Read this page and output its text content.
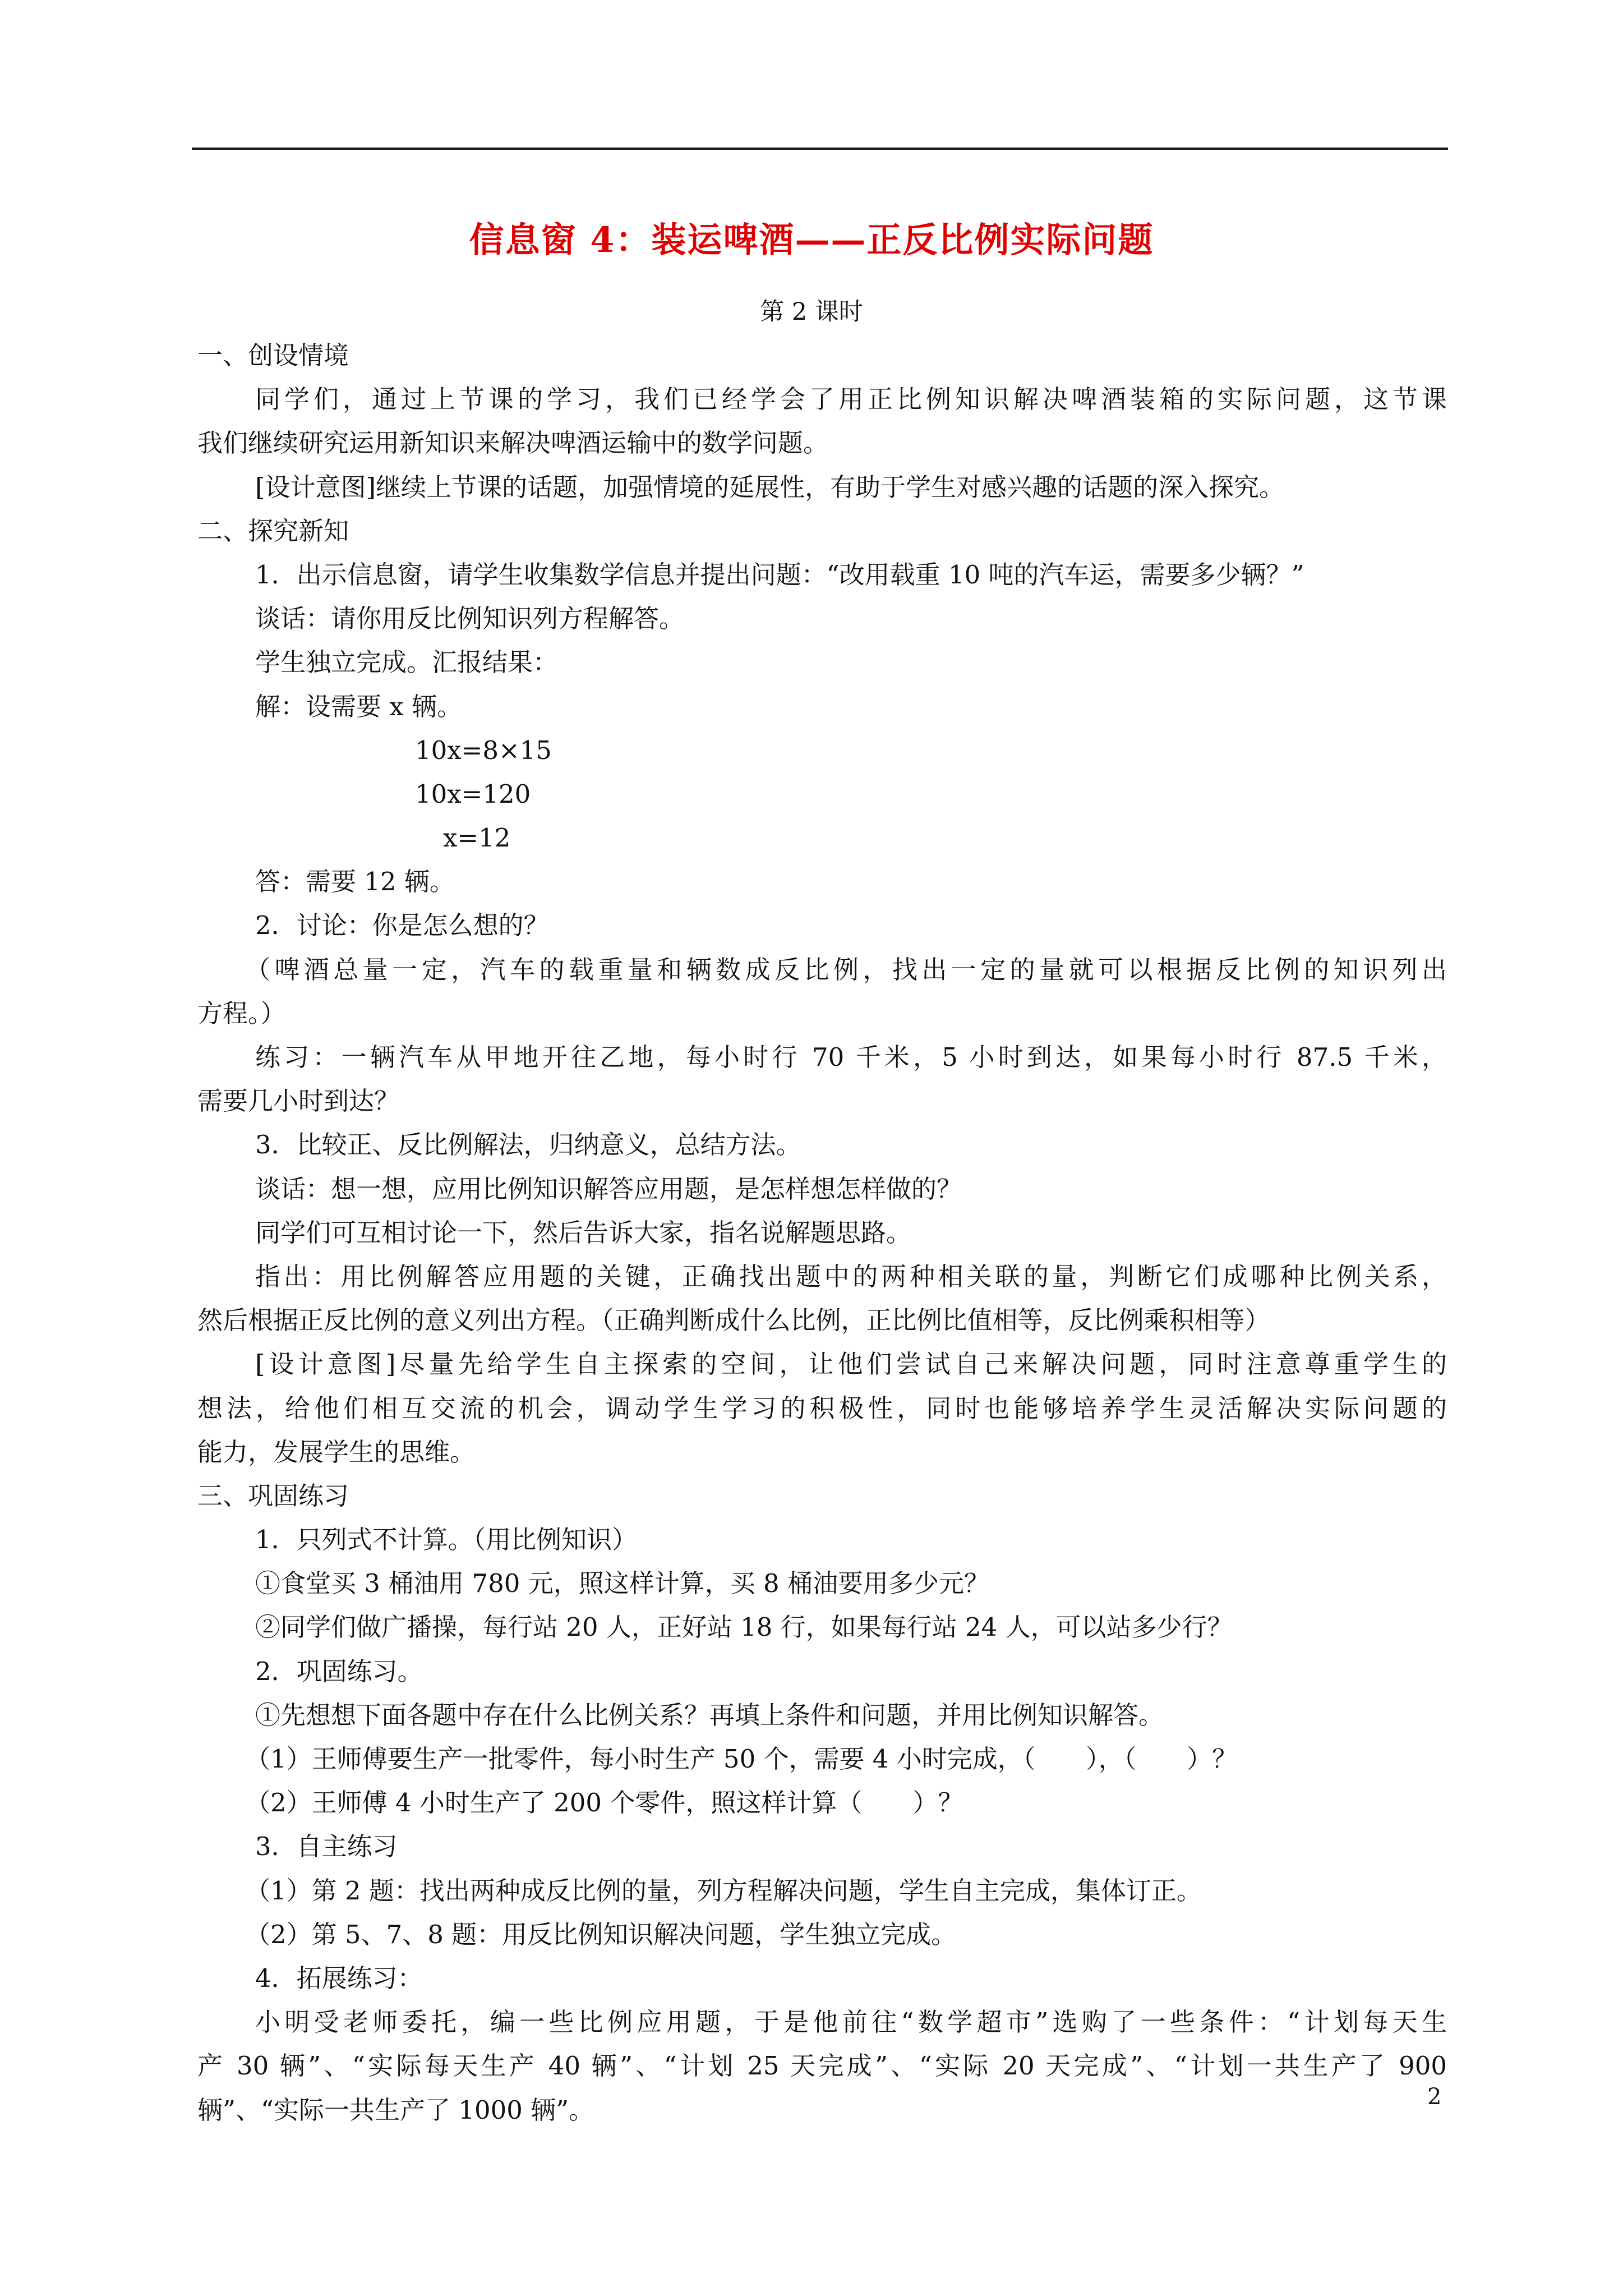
信息窗 4：装运啤酒——正反比例实际问题
第 2 课时
一、创设情境
同学们，通过上节课的学习，我们已经学会了用正比例知识解决啤酒装箱的实际问题，这节课
我们继续研究运用新知识来解决啤酒运输中的数学问题。
[设计意图]继续上节课的话题，加强情境的延展性，有助于学生对感兴趣的话题的深入探究。
二、探究新知
1．出示信息窗，请学生收集数学信息并提出问题：“改用载重 10 吨的汽车运，需要多少辆？”
谈话：请你用反比例知识列方程解答。
学生独立完成。汇报结果：
解：设需要 x 辆。
10x=8×15
10x=120
x=12
答：需要 12 辆。
2．讨论：你是怎么想的？
（啤酒总量一定，汽车的载重量和辆数成反比例，找出一定的量就可以根据反比例的知识列出
方程。）
练习：一辆汽车从甲地开往乙地，每小时行 70 千米，5 小时到达，如果每小时行 87.5 千米，
需要几小时到达？
3．比较正、反比例解法，归纳意义，总结方法。
谈话：想一想，应用比例知识解答应用题，是怎样想怎样做的？
同学们可互相讨论一下，然后告诉大家，指名说解题思路。
指出：用比例解答应用题的关键，正确找出题中的两种相关联的量，判断它们成哪种比例关系，
然后根据正反比例的意义列出方程。（正确判断成什么比例，正比例比值相等，反比例乘积相等）
[设计意图]尽量先给学生自主探索的空间，让他们尝试自己来解决问题，同时注意尊重学生的
想法，给他们相互交流的机会，调动学生学习的积极性，同时也能够培养学生灵活解决实际问题的
能力，发展学生的思维。
三、巩固练习
1．只列式不计算。（用比例知识）
①食堂买 3 桶油用 780 元，照这样计算，买 8 桶油要用多少元？
②同学们做广播操，每行站 20 人，正好站 18 行，如果每行站 24 人，可以站多少行？
2．巩固练习。
①先想想下面各题中存在什么比例关系？再填上条件和问题，并用比例知识解答。
（1）王师傅要生产一批零件，每小时生产 50 个，需要 4 小时完成，（　　），（　　）？
（2）王师傅 4 小时生产了 200 个零件，照这样计算（　　）？
3．自主练习
（1）第 2 题：找出两种成反比例的量，列方程解决问题，学生自主完成，集体订正。
（2）第 5、7、8 题：用反比例知识解决问题，学生独立完成。
4．拓展练习：
小明受老师委托，编一些比例应用题，于是他前往“数学超市”选购了一些条件：“计划每天生
产 30 辆”、“实际每天生产 40 辆”、“计划 25 天完成”、“实际 20 天完成”、“计划一共生产了 900
辆”、“实际一共生产了 1000 辆”。	2
